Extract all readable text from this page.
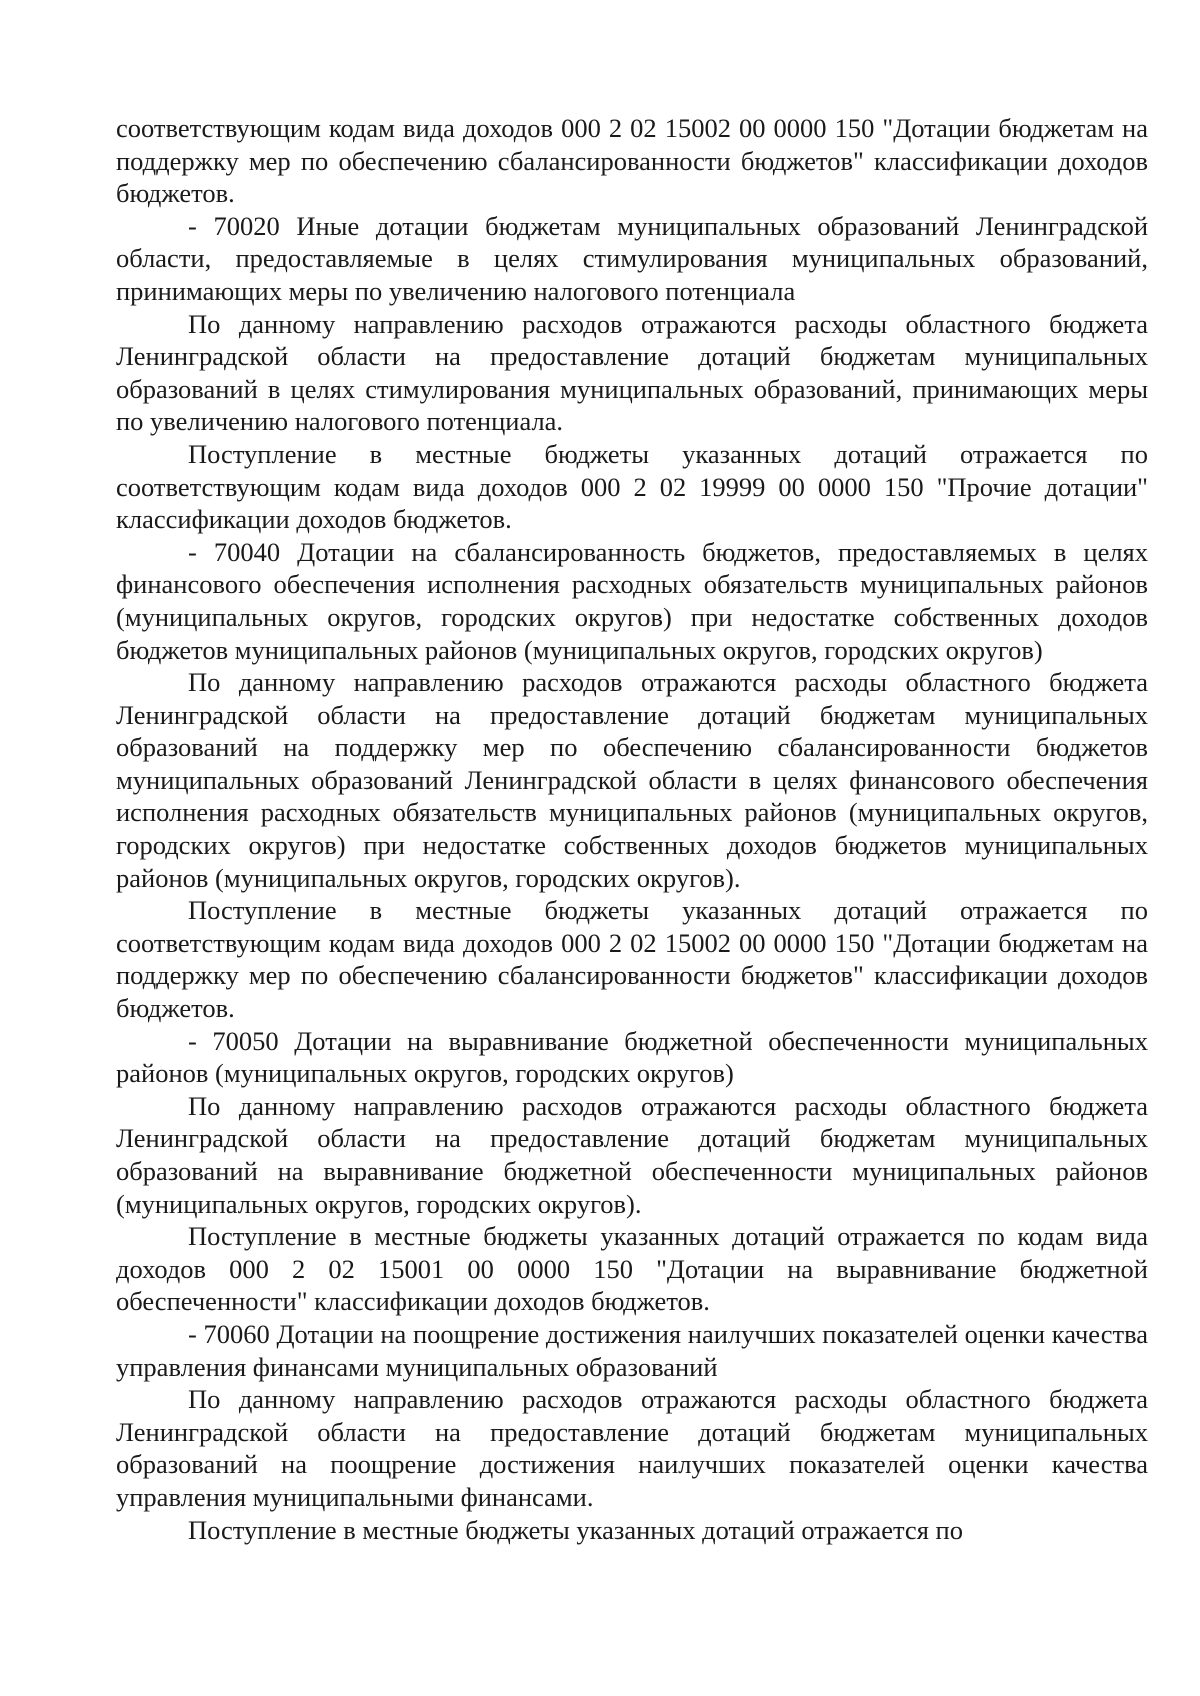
соответствующим кодам вида доходов 000 2 02 15002 00 0000 150 "Дотации бюджетам на поддержку мер по обеспечению сбалансированности бюджетов" классификации доходов бюджетов.

- 70020 Иные дотации бюджетам муниципальных образований Ленинградской области, предоставляемые в целях стимулирования муниципальных образований, принимающих меры по увеличению налогового потенциала

По данному направлению расходов отражаются расходы областного бюджета Ленинградской области на предоставление дотаций бюджетам муниципальных образований в целях стимулирования муниципальных образований, принимающих меры по увеличению налогового потенциала.

Поступление в местные бюджеты указанных дотаций отражается по соответствующим кодам вида доходов 000 2 02 19999 00 0000 150 "Прочие дотации" классификации доходов бюджетов.

- 70040 Дотации на сбалансированность бюджетов, предоставляемых в целях финансового обеспечения исполнения расходных обязательств муниципальных районов (муниципальных округов, городских округов) при недостатке собственных доходов бюджетов муниципальных районов (муниципальных округов, городских округов)

По данному направлению расходов отражаются расходы областного бюджета Ленинградской области на предоставление дотаций бюджетам муниципальных образований на поддержку мер по обеспечению сбалансированности бюджетов муниципальных образований Ленинградской области в целях финансового обеспечения исполнения расходных обязательств муниципальных районов (муниципальных округов, городских округов) при недостатке собственных доходов бюджетов муниципальных районов (муниципальных округов, городских округов).

Поступление в местные бюджеты указанных дотаций отражается по соответствующим кодам вида доходов 000 2 02 15002 00 0000 150 "Дотации бюджетам на поддержку мер по обеспечению сбалансированности бюджетов" классификации доходов бюджетов.

- 70050 Дотации на выравнивание бюджетной обеспеченности муниципальных районов (муниципальных округов, городских округов)

По данному направлению расходов отражаются расходы областного бюджета Ленинградской области на предоставление дотаций бюджетам муниципальных образований на выравнивание бюджетной обеспеченности муниципальных районов (муниципальных округов, городских округов).

Поступление в местные бюджеты указанных дотаций отражается по кодам вида доходов 000 2 02 15001 00 0000 150 "Дотации на выравнивание бюджетной обеспеченности" классификации доходов бюджетов.

- 70060 Дотации на поощрение достижения наилучших показателей оценки качества управления финансами муниципальных образований

По данному направлению расходов отражаются расходы областного бюджета Ленинградской области на предоставление дотаций бюджетам муниципальных образований на поощрение достижения наилучших показателей оценки качества управления муниципальными финансами.

Поступление в местные бюджеты указанных дотаций отражается по
